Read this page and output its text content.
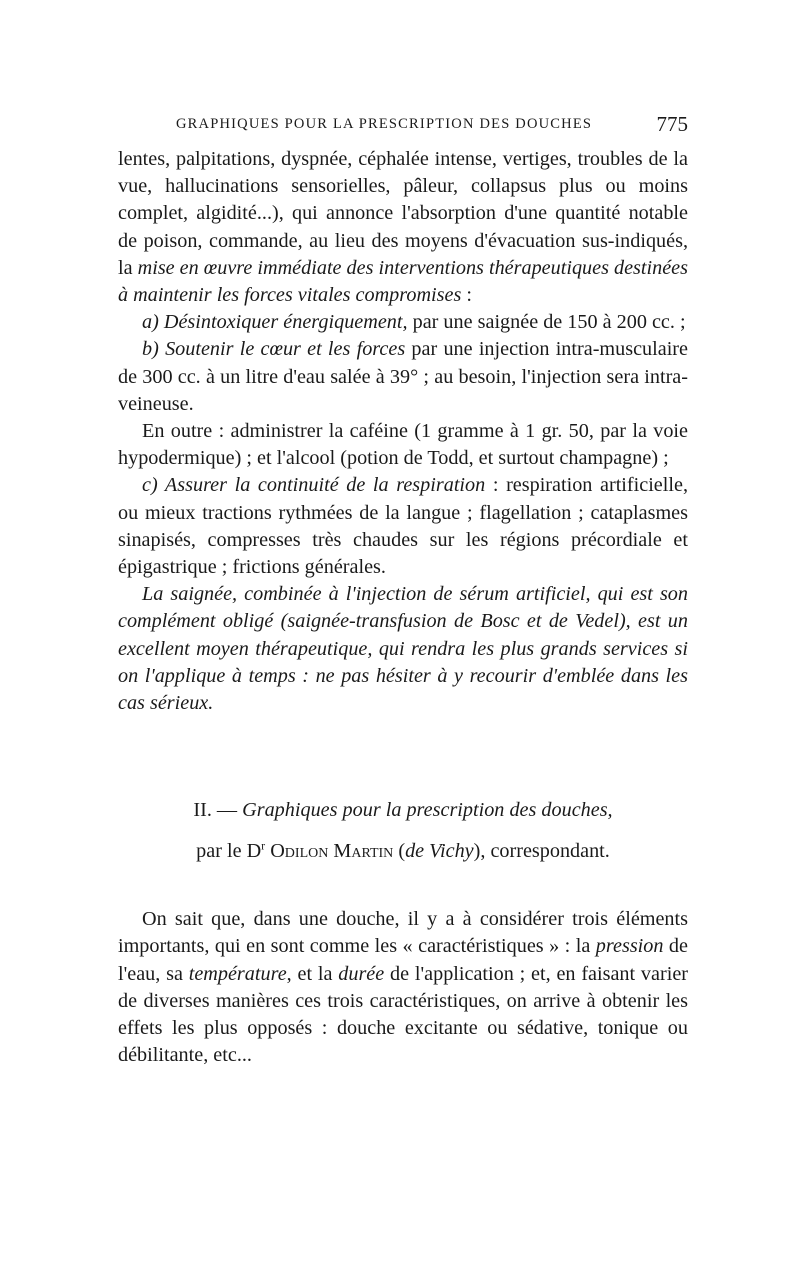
GRAPHIQUES POUR LA PRESCRIPTION DES DOUCHES	775

lentes, palpitations, dyspnée, céphalée intense, vertiges, troubles de la vue, hallucinations sensorielles, pâleur, collapsus plus ou moins complet, algidité...), qui annonce l'absorption d'une quantité notable de poison, commande, au lieu des moyens d'évacuation sus-indiqués, la mise en œuvre immédiate des interventions thérapeutiques destinées à maintenir les forces vitales compromises :

a) Désintoxiquer énergiquement, par une saignée de 150 à 200 cc. ;

b) Soutenir le cœur et les forces par une injection intra-musculaire de 300 cc. à un litre d'eau salée à 39° ; au besoin, l'injection sera intra-veineuse.

En outre : administrer la caféine (1 gramme à 1 gr. 50, par la voie hypodermique) ; et l'alcool (potion de Todd, et surtout champagne) ;

c) Assurer la continuité de la respiration : respiration artificielle, ou mieux tractions rythmées de la langue ; flagellation ; cataplasmes sinapisés, compresses très chaudes sur les régions précordiale et épigastrique ; frictions générales.

La saignée, combinée à l'injection de sérum artificiel, qui est son complément obligé (saignée-transfusion de Bosc et de Vedel), est un excellent moyen thérapeutique, qui rendra les plus grands services si on l'applique à temps : ne pas hésiter à y recourir d'emblée dans les cas sérieux.

II. — Graphiques pour la prescription des douches,
par le $D^r$ Odilon Martin (de Vichy), correspondant.

On sait que, dans une douche, il y a à considérer trois éléments importants, qui en sont comme les « caractéristiques » : la pression de l'eau, sa température, et la durée de l'application ; et, en faisant varier de diverses manières ces trois caractéristiques, on arrive à obtenir les effets les plus opposés : douche excitante ou sédative, tonique ou débilitante, etc...
